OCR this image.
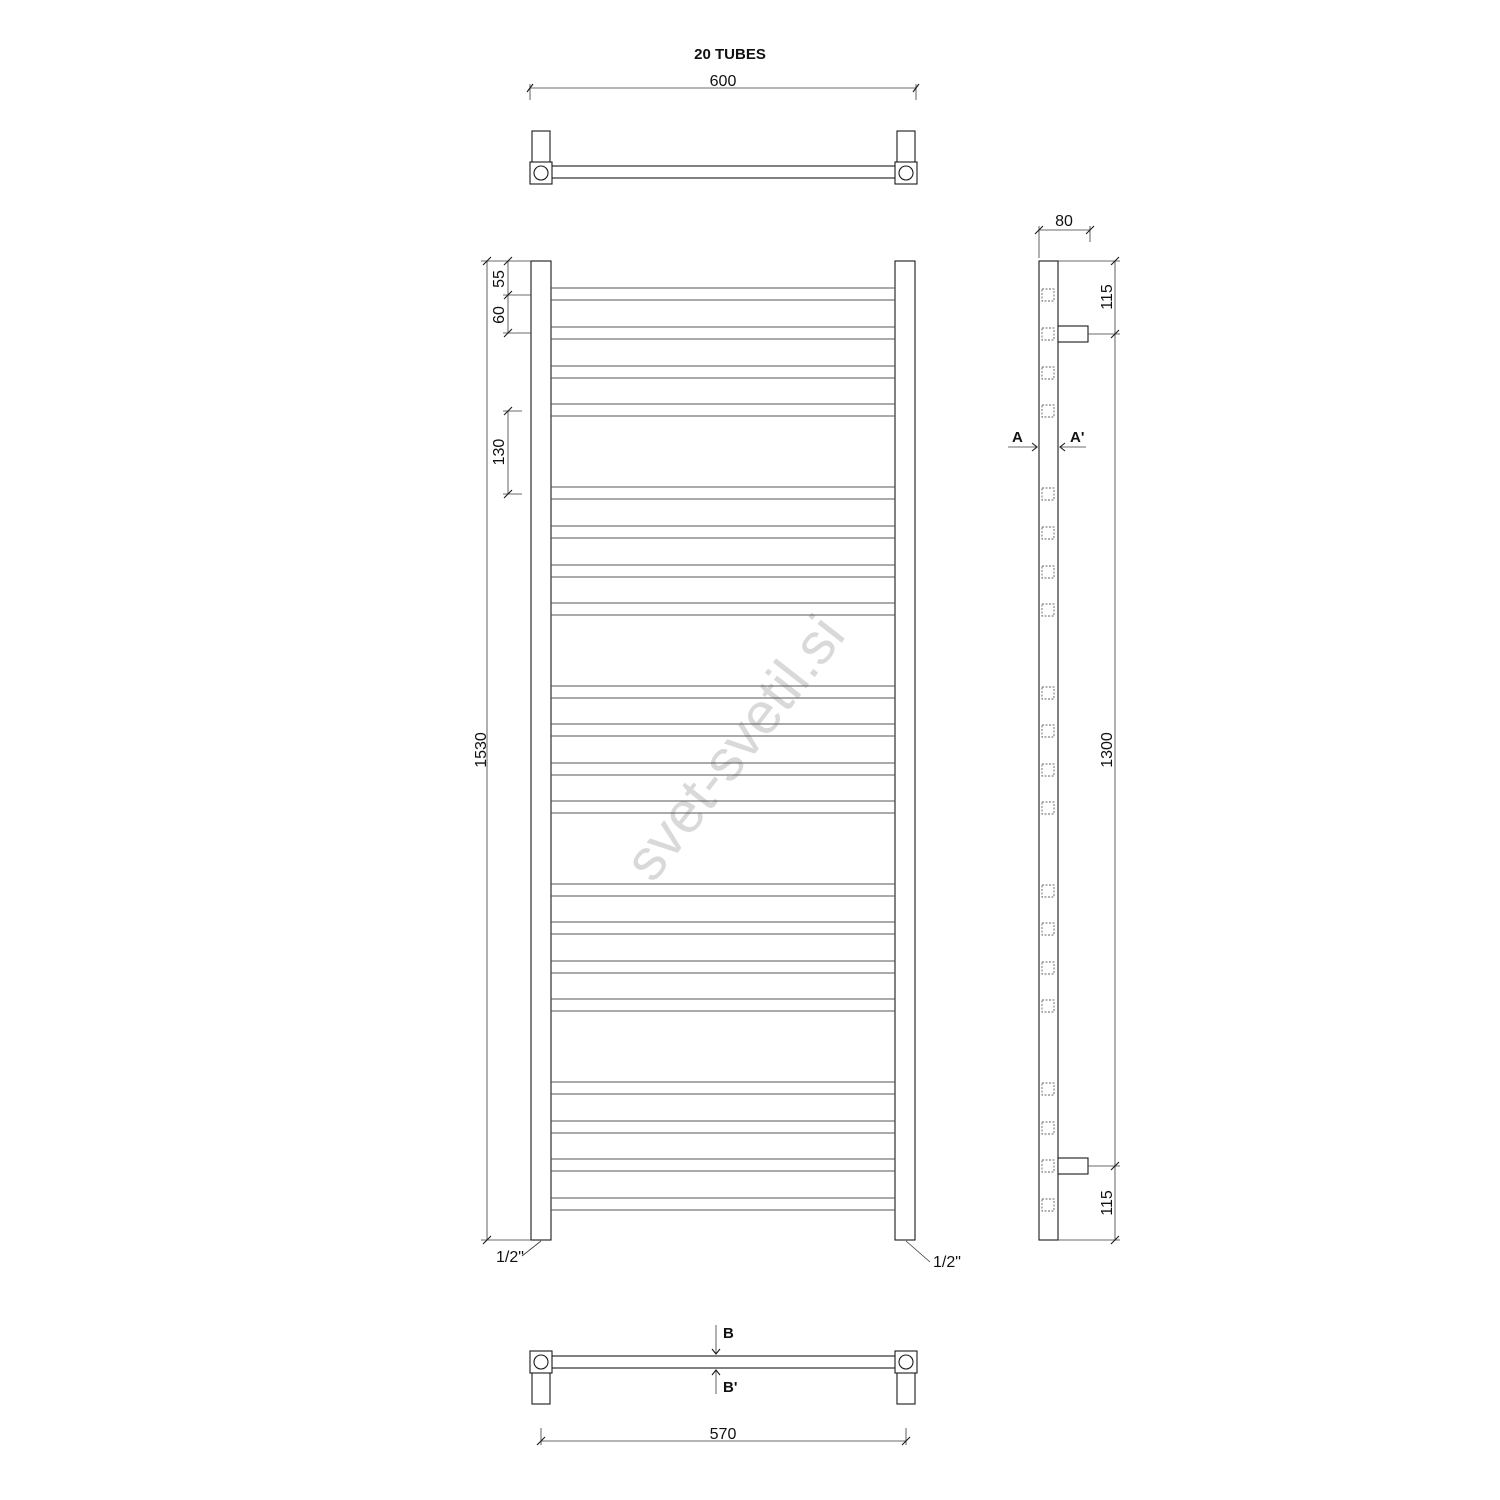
svet-svetil.si
20 TUBES
600
1530
55
60
130
1/2"	1/2"
80
A	A'
115
1300
115
B
B'
570
